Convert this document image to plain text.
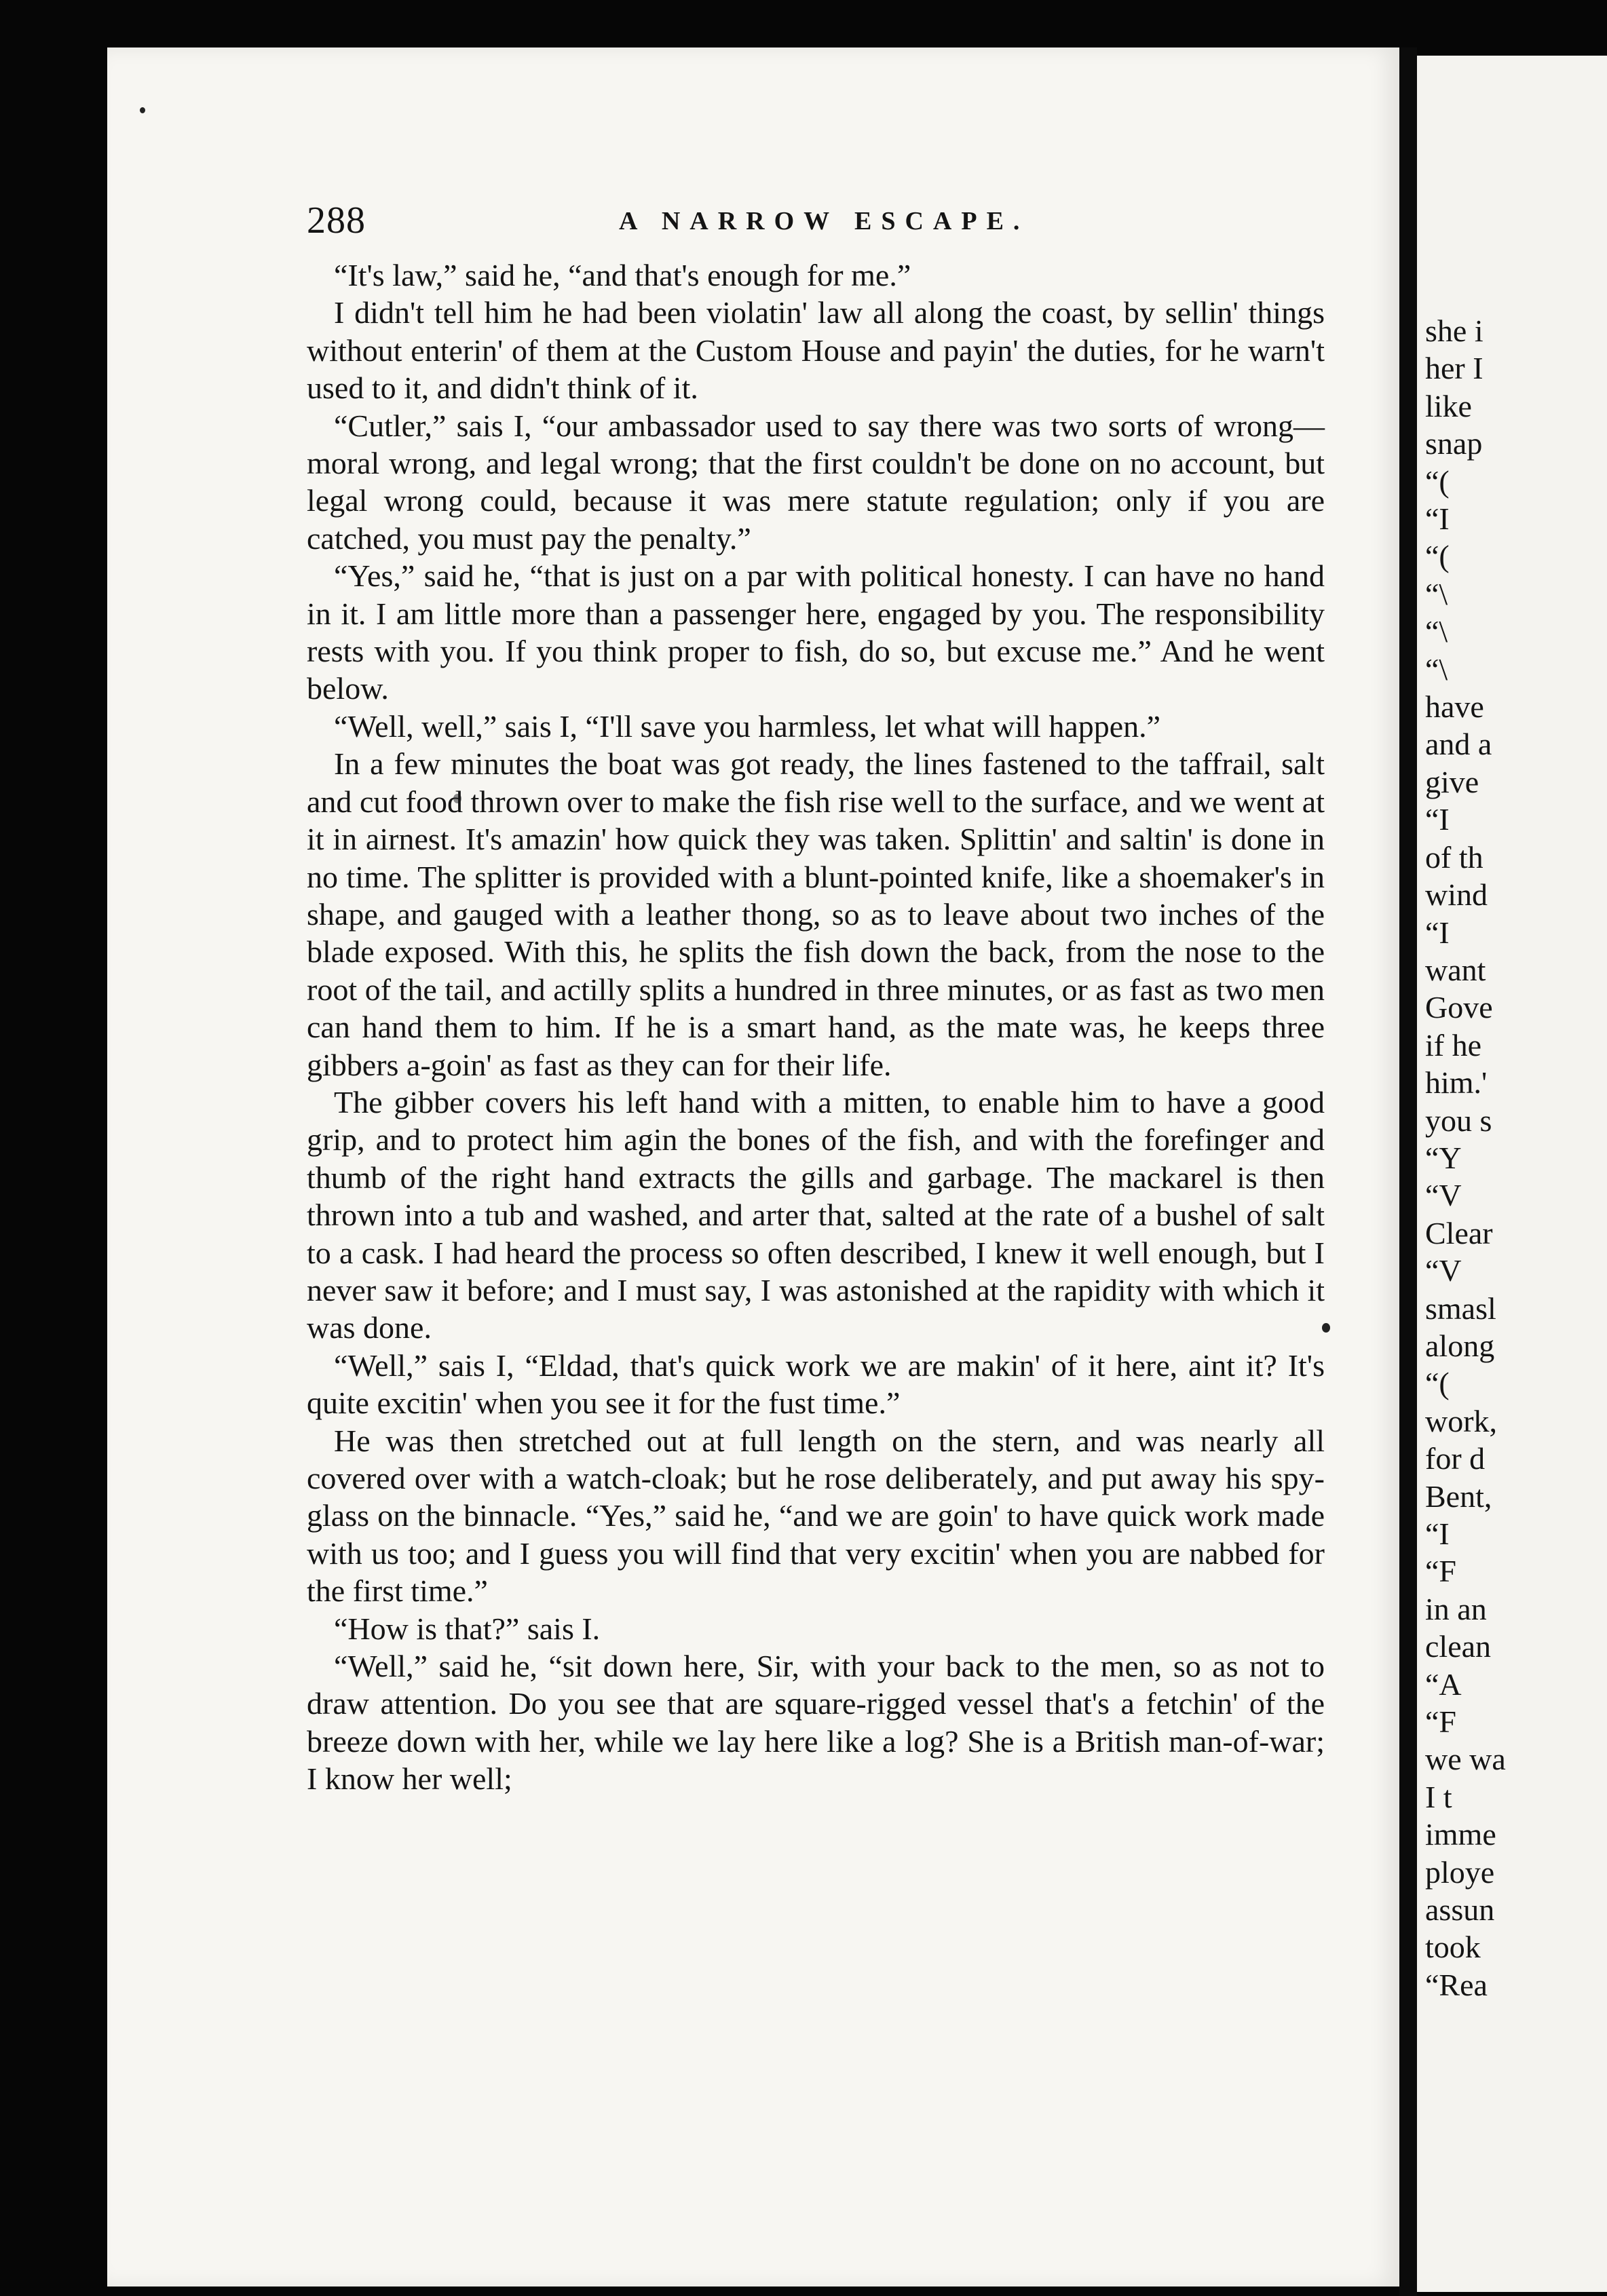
288	A NARROW ESCAPE.

“It's law,” said he, “and that's enough for me.”

I didn't tell him he had been violatin' law all along the coast, by sellin' things without enterin' of them at the Custom House and payin' the duties, for he warn't used to it, and didn't think of it.

“Cutler,” sais I, “our ambassador used to say there was two sorts of wrong—moral wrong, and legal wrong; that the first couldn't be done on no account, but legal wrong could, because it was mere statute regulation; only if you are catched, you must pay the penalty.”

“Yes,” said he, “that is just on a par with political honesty. I can have no hand in it. I am little more than a passenger here, engaged by you. The responsibility rests with you. If you think proper to fish, do so, but excuse me.” And he went below.

“Well, well,” sais I, “I'll save you harmless, let what will happen.”

In a few minutes the boat was got ready, the lines fastened to the taffrail, salt and cut food thrown over to make the fish rise well to the surface, and we went at it in airnest. It's amazin' how quick they was taken. Splittin' and saltin' is done in no time. The splitter is provided with a blunt-pointed knife, like a shoemaker's in shape, and gauged with a leather thong, so as to leave about two inches of the blade exposed. With this, he splits the fish down the back, from the nose to the root of the tail, and actilly splits a hundred in three minutes, or as fast as two men can hand them to him. If he is a smart hand, as the mate was, he keeps three gibbers a-goin' as fast as they can for their life.

The gibber covers his left hand with a mitten, to enable him to have a good grip, and to protect him agin the bones of the fish, and with the forefinger and thumb of the right hand extracts the gills and garbage. The mackarel is then thrown into a tub and washed, and arter that, salted at the rate of a bushel of salt to a cask. I had heard the process so often described, I knew it well enough, but I never saw it before; and I must say, I was astonished at the rapidity with which it was done.

“Well,” sais I, “Eldad, that's quick work we are makin' of it here, aint it? It's quite excitin' when you see it for the fust time.”

He was then stretched out at full length on the stern, and was nearly all covered over with a watch-cloak; but he rose deliberately, and put away his spy-glass on the binnacle. “Yes,” said he, “and we are goin' to have quick work made with us too; and I guess you will find that very excitin' when you are nabbed for the first time.”

“How is that?” sais I.

“Well,” said he, “sit down here, Sir, with your back to the men, so as not to draw attention. Do you see that are square-rigged vessel that's a fetchin' of the breeze down with her, while we lay here like a log? She is a British man-of-war; I know her well;

she i
her I
like
snap
“(
“I
“(
“\
“\
“\
have
and a
give
“I
of th
wind
“I
want
Gove
if he
him.'
you s
“Y
“V
Clear
“V
smasl
along
“(
work,
for d
Bent,
“I
“F
in an
clean
“A
“F
we wa
I t
imme
ploye
assun
took
“Rea
